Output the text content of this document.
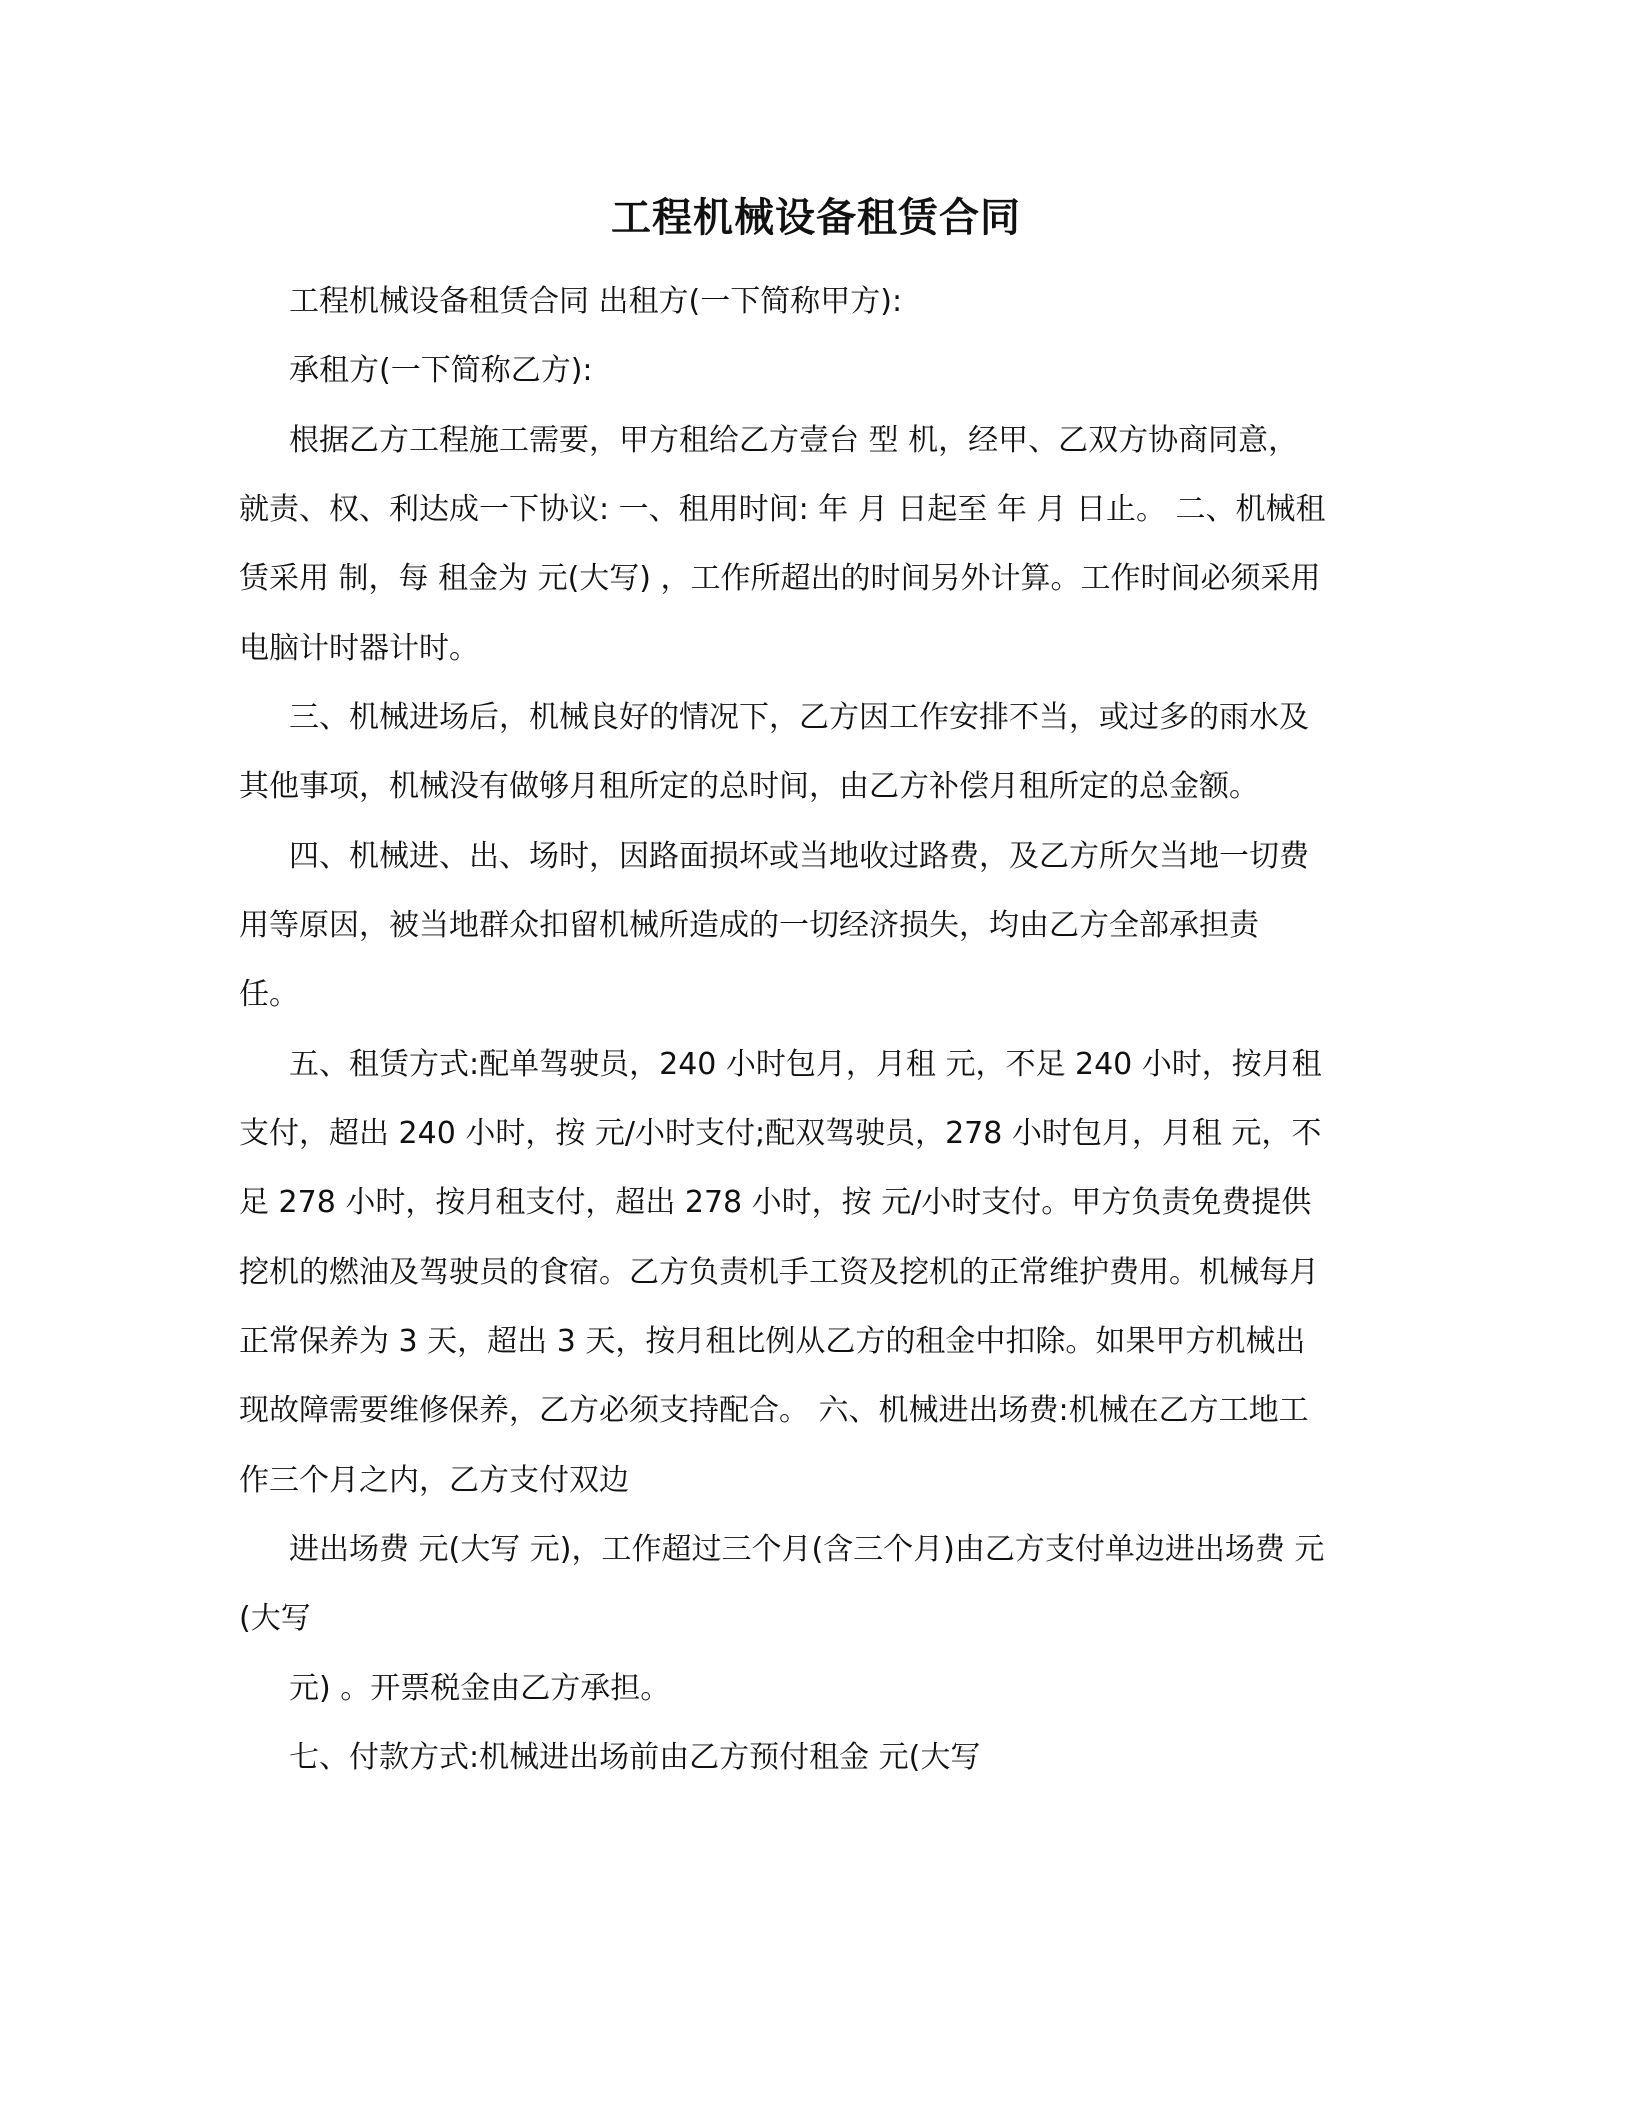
工程机械设备租赁合同
工程机械设备租赁合同 出租方(一下简称甲方):
承租方(一下简称乙方):
根据乙方工程施工需要，甲方租给乙方壹台 型 机，经甲、乙双方协商同意，
就责、权、利达成一下协议: 一、租用时间: 年 月 日起至 年 月 日止。 二、机械租
赁采用 制，每 租金为 元(大写) ，工作所超出的时间另外计算。工作时间必须采用
电脑计时器计时。
三、机械进场后，机械良好的情况下，乙方因工作安排不当，或过多的雨水及
其他事项，机械没有做够月租所定的总时间，由乙方补偿月租所定的总金额。
四、机械进、出、场时，因路面损坏或当地收过路费，及乙方所欠当地一切费
用等原因，被当地群众扣留机械所造成的一切经济损失，均由乙方全部承担责
任。
五、租赁方式:配单驾驶员，240 小时包月，月租 元，不足 240 小时，按月租
支付，超出 240 小时，按 元/小时支付;配双驾驶员，278 小时包月，月租 元，不
足 278 小时，按月租支付，超出 278 小时，按 元/小时支付。甲方负责免费提供
挖机的燃油及驾驶员的食宿。乙方负责机手工资及挖机的正常维护费用。机械每月
正常保养为 3 天，超出 3 天，按月租比例从乙方的租金中扣除。如果甲方机械出
现故障需要维修保养，乙方必须支持配合。 六、机械进出场费:机械在乙方工地工
作三个月之内，乙方支付双边
进出场费 元(大写 元)，工作超过三个月(含三个月)由乙方支付单边进出场费 元
(大写
元) 。开票税金由乙方承担。
七、付款方式:机械进出场前由乙方预付租金 元(大写
